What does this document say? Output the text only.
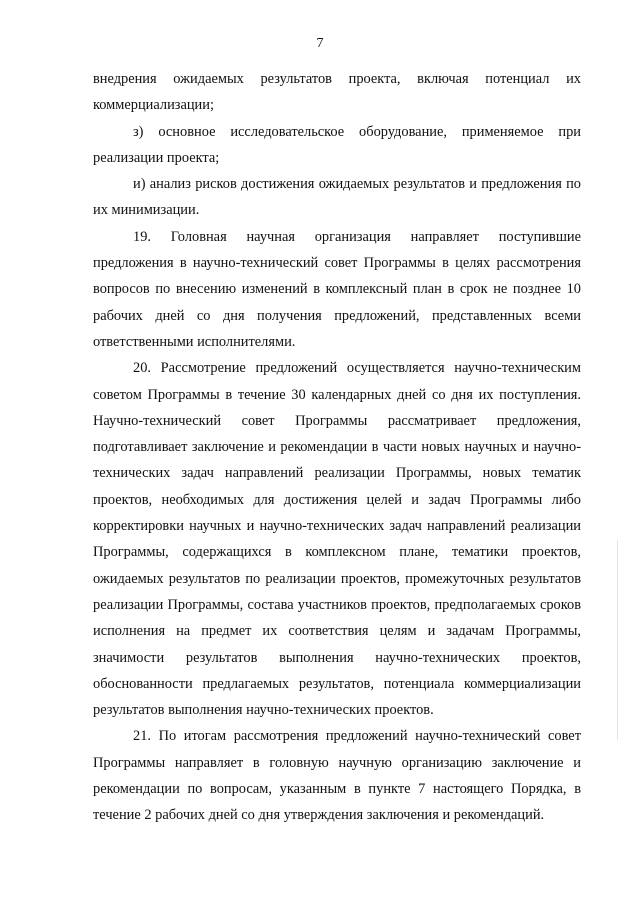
7

внедрения ожидаемых результатов проекта, включая потенциал их коммерциализации;

з) основное исследовательское оборудование, применяемое при реализации проекта;

и) анализ рисков достижения ожидаемых результатов и предложения по их минимизации.

19. Головная научная организация направляет поступившие предложения в научно-технический совет Программы в целях рассмотрения вопросов по внесению изменений в комплексный план в срок не позднее 10 рабочих дней со дня получения предложений, представленных всеми ответственными исполнителями.

20. Рассмотрение предложений осуществляется научно-техническим советом Программы в течение 30 календарных дней со дня их поступления. Научно-технический совет Программы рассматривает предложения, подготавливает заключение и рекомендации в части новых научных и научно-технических задач направлений реализации Программы, новых тематик проектов, необходимых для достижения целей и задач Программы либо корректировки научных и научно-технических задач направлений реализации Программы, содержащихся в комплексном плане, тематики проектов, ожидаемых результатов по реализации проектов, промежуточных результатов реализации Программы, состава участников проектов, предполагаемых сроков исполнения на предмет их соответствия целям и задачам Программы, значимости результатов выполнения научно-технических проектов, обоснованности предлагаемых результатов, потенциала коммерциализации результатов выполнения научно-технических проектов.

21. По итогам рассмотрения предложений научно-технический совет Программы направляет в головную научную организацию заключение и рекомендации по вопросам, указанным в пункте 7 настоящего Порядка, в течение 2 рабочих дней со дня утверждения заключения и рекомендаций.
